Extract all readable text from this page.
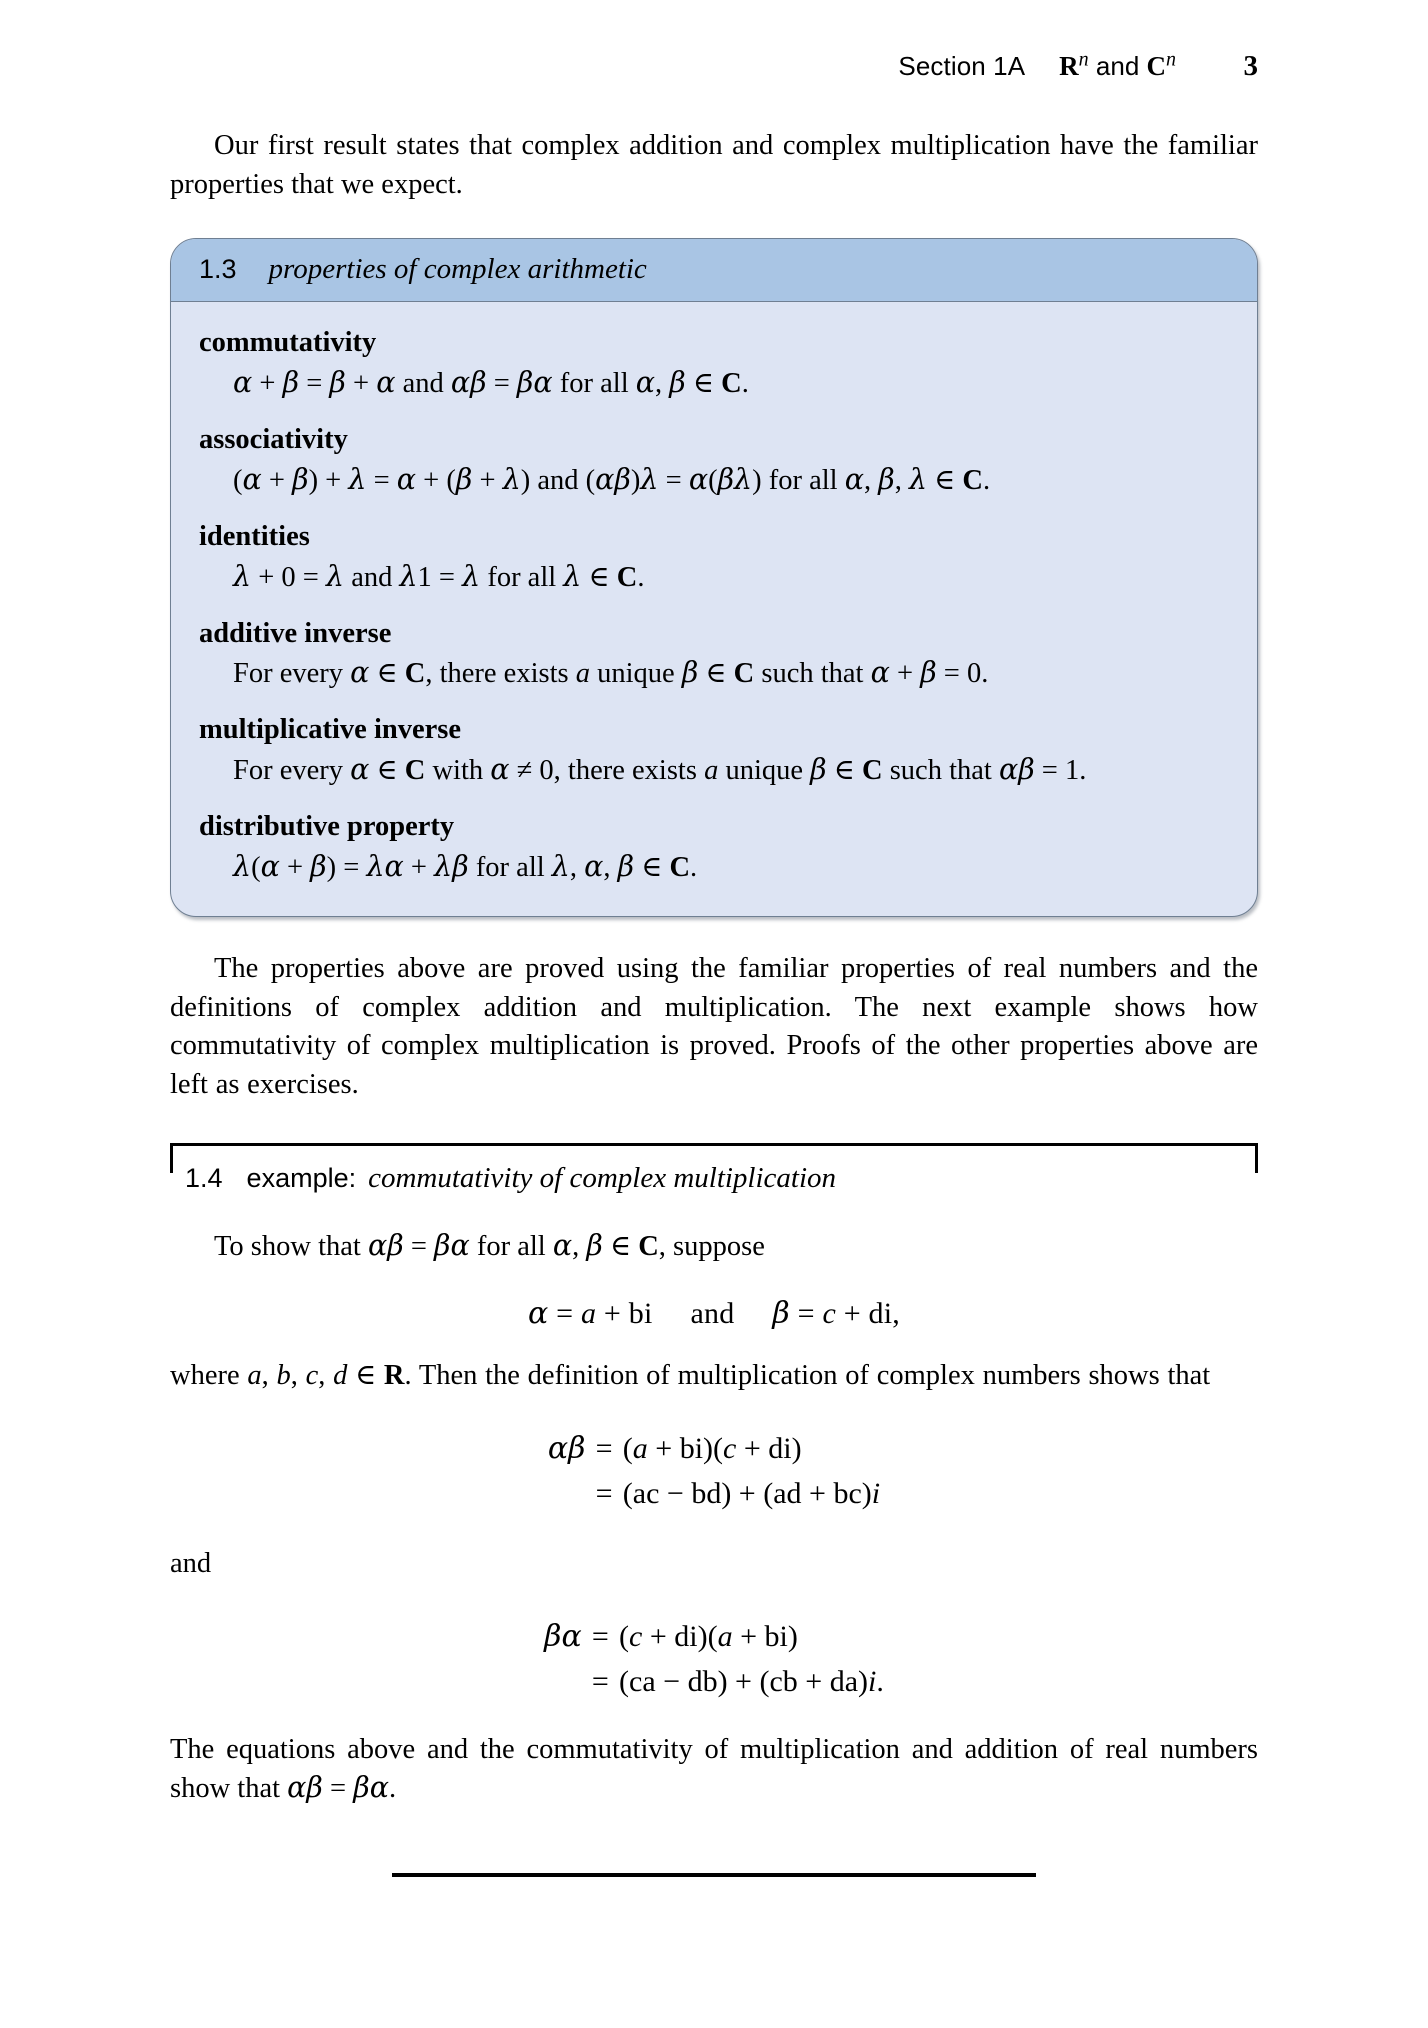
Section 1A $R^n$ and $C^n$	3

Our first result states that complex addition and complex multiplication have the familiar properties that we expect.

1.3 properties of complex arithmetic
commutativity
α + β = β + α and αβ = βα for all α, β ∈ C.
associativity
(α + β) + λ = α + (β + λ) and (αβ)λ = α(βλ) for all α, β, λ ∈ C.
identities
λ + 0 = λ and λ1 = λ for all λ ∈ C.
additive inverse
For every α ∈ C, there exists a unique β ∈ C such that α + β = 0.
multiplicative inverse
For every α ∈ C with α ≠ 0, there exists a unique β ∈ C such that αβ = 1.
distributive property
λ(α + β) = λα + λβ for all λ, α, β ∈ C.

The properties above are proved using the familiar properties of real numbers and the definitions of complex addition and multiplication. The next example shows how commutativity of complex multiplication is proved. Proofs of the other properties above are left as exercises.

1.4 example: commutativity of complex multiplication

To show that αβ = βα for all α, β ∈ C, suppose

α = a + bi and β = c + di,

where a, b, c, d ∈ R. Then the definition of multiplication of complex numbers shows that

αβ	=	(a + bi)(c + di)
	=	(ac − bd) + (ad + bc)i

and

βα	=	(c + di)(a + bi)
	=	(ca − db) + (cb + da)i.

The equations above and the commutativity of multiplication and addition of real numbers show that αβ = βα.
